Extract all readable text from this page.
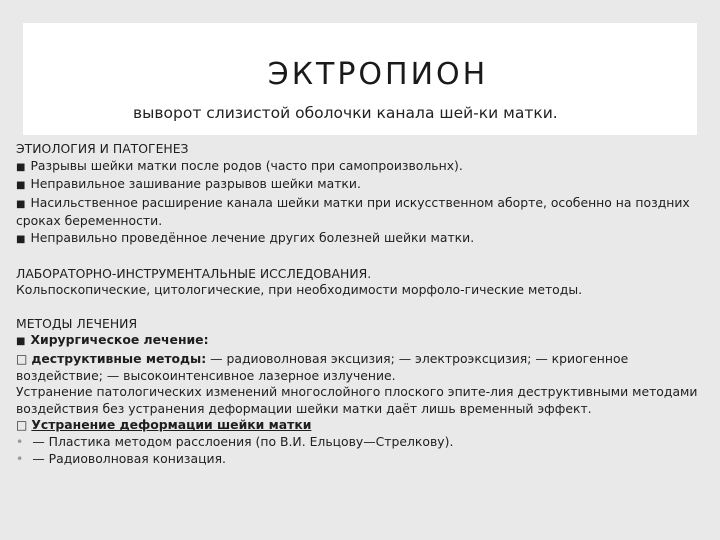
ЭКТРОПИОН
выворот слизистой оболочки канала шей-ки матки.

ЭТИОЛОГИЯ И ПАТОГЕНЕЗ

■ Разрывы шейки матки после родов (часто при самопроизвольнх).

■ Неправильное зашивание разрывов шейки матки.

■ Насильственное расширение канала шейки матки при искусственном аборте, особенно на поздних сроках беременности.

■ Неправильно проведённое лечение других болезней шейки матки.

ЛАБОРАТОРНО-ИНСТРУМЕНТАЛЬНЫЕ ИССЛЕДОВАНИЯ.

Кольпоскопические, цитологические, при необходимости морфоло-гические методы.

МЕТОДЫ ЛЕЧЕНИЯ

■ Хирургическое лечение:

□ деструктивные методы: — радиоволновая эксцизия; — электроэксцизия; — криогенное воздействие; — высокоинтенсивное лазерное излучение.

Устранение патологических изменений многослойного плоского эпите-лия деструктивными методами воздействия без устранения деформации шейки матки даёт лишь временный эффект.

□ Устранение деформации шейки матки

• — Пластика методом расслоения (по В.И. Ельцову—Стрелкову).

• — Радиоволновая конизация.
